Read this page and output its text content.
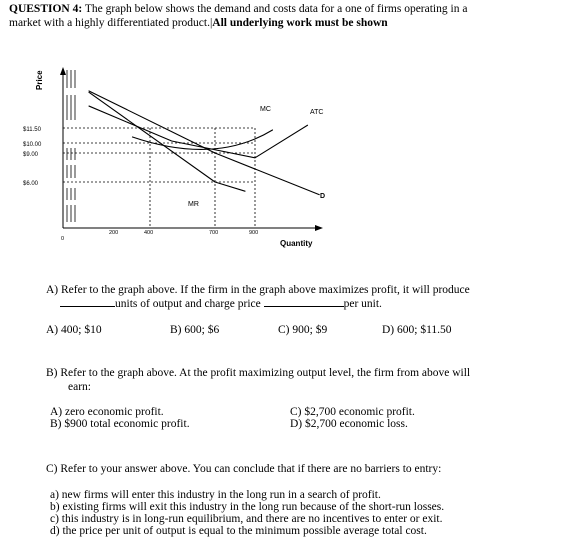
QUESTION 4: The graph below shows the demand and costs data for a one of firms operating in a
market with a highly differentiated product.|All underlying work must be shown
$11.50
$10.00
$9.00
$6.00
0
200	400	700	900
Price
Quantity
MC	ATC
D
MR
A) Refer to the graph above. If the firm in the graph above maximizes profit, it will produce
units of output and charge price	per unit.
A) 400; $10	B) 600; $6	C) 900; $9	D) 600; $11.50
B) Refer to the graph above. At the profit maximizing output level, the firm from above will
earn:
A) zero economic profit.
B) $900 total economic profit.
C) $2,700 economic profit.
D) $2,700 economic loss.
C) Refer to your answer above. You can conclude that if there are no barriers to entry:
a) new firms will enter this industry in the long run in a search of profit.
b) existing firms will exit this industry in the long run because of the short-run losses.
c) this industry is in long-run equilibrium, and there are no incentives to enter or exit.
d) the price per unit of output is equal to the minimum possible average total cost.
